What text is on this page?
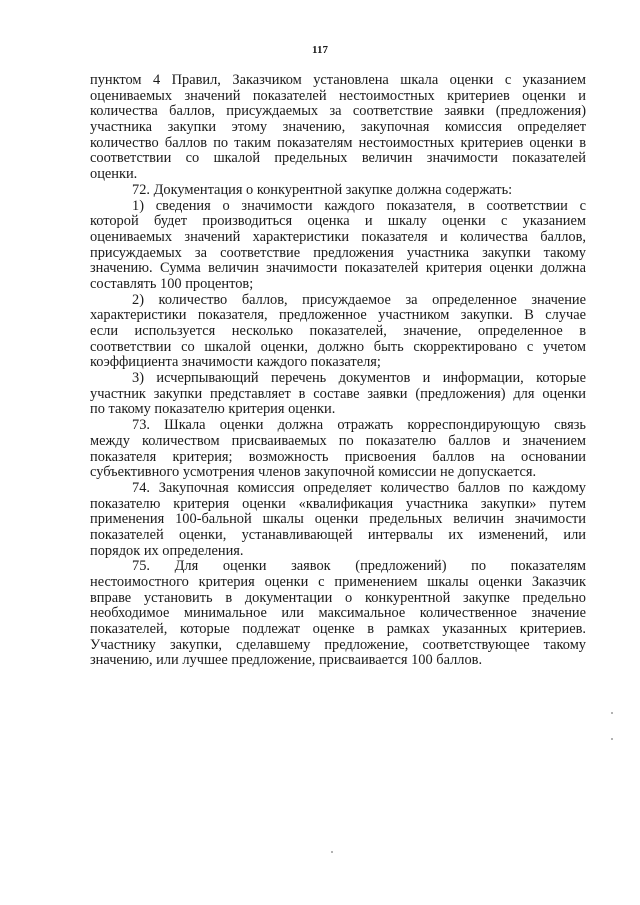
117
пунктом 4 Правил, Заказчиком установлена шкала оценки с указанием
оцениваемых значений показателей нестоимостных критериев оценки и
количества баллов, присуждаемых за соответствие заявки (предложения)
участника закупки этому значению, закупочная комиссия определяет
количество баллов по таким показателям нестоимостных критериев оценки в
соответствии со шкалой предельных величин значимости показателей
оценки.
72. Документация о конкурентной закупке должна содержать:
1) сведения о значимости каждого показателя, в соответствии с
которой будет производиться оценка и шкалу оценки с указанием
оцениваемых значений характеристики показателя и количества баллов,
присуждаемых за соответствие предложения участника закупки такому
значению. Сумма величин значимости показателей критерия оценки должна
составлять 100 процентов;
2) количество баллов, присуждаемое за определенное значение
характеристики показателя, предложенное участником закупки. В случае
если используется несколько показателей, значение, определенное в
соответствии со шкалой оценки, должно быть скорректировано с учетом
коэффициента значимости каждого показателя;
3) исчерпывающий перечень документов и информации, которые
участник закупки представляет в составе заявки (предложения) для оценки
по такому показателю критерия оценки.
73. Шкала оценки должна отражать корреспондирующую связь
между количеством присваиваемых по показателю баллов и значением
показателя критерия; возможность присвоения баллов на основании
субъективного усмотрения членов закупочной комиссии не допускается.
74. Закупочная комиссия определяет количество баллов по каждому
показателю критерия оценки «квалификация участника закупки» путем
применения 100-бальной шкалы оценки предельных величин значимости
показателей оценки, устанавливающей интервалы их изменений, или
порядок их определения.
75. Для оценки заявок (предложений) по показателям
нестоимостного критерия оценки с применением шкалы оценки Заказчик
вправе установить в документации о конкурентной закупке предельно
необходимое минимальное или максимальное количественное значение
показателей, которые подлежат оценке в рамках указанных критериев.
Участнику закупки, сделавшему предложение, соответствующее такому
значению, или лучшее предложение, присваивается 100 баллов.
